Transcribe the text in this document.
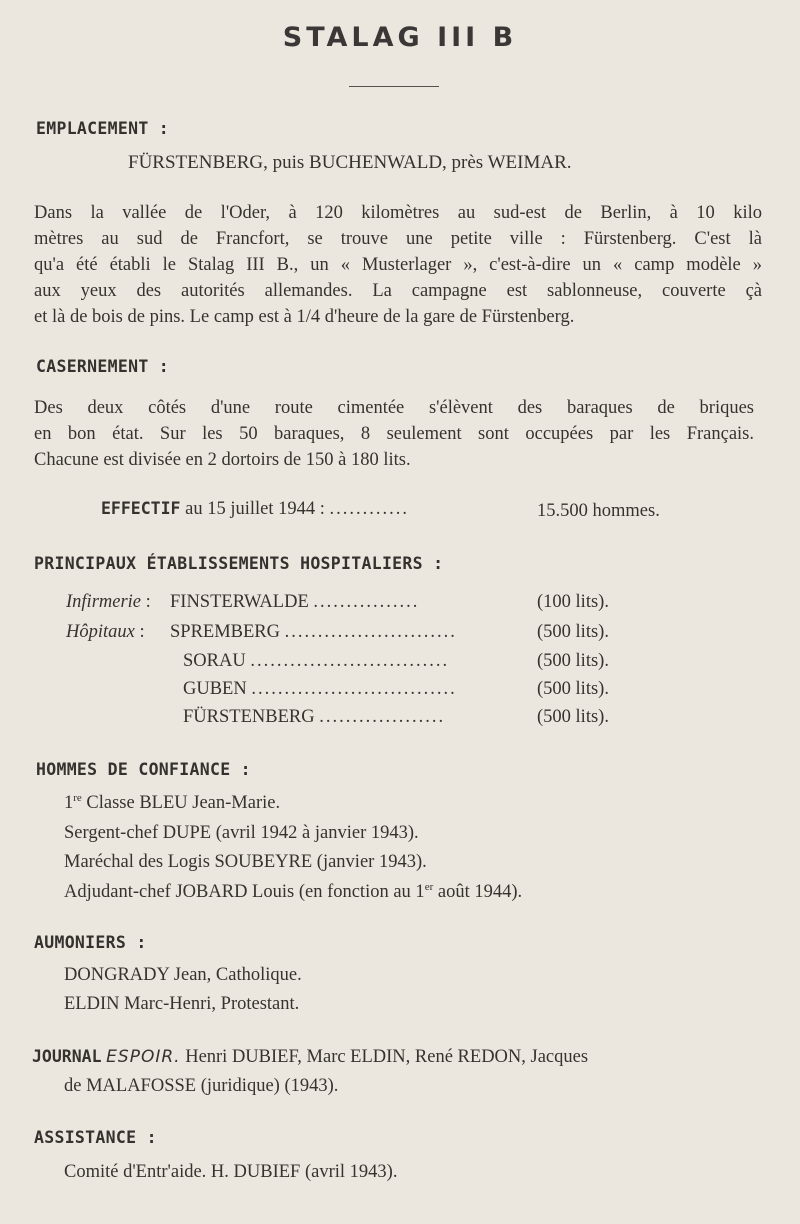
STALAG III B
EMPLACEMENT :
FÜRSTENBERG, puis BUCHENWALD, près WEIMAR.
Dans la vallée de l'Oder, à 120 kilomètres au sud-est de Berlin, à 10 kilo
mètres au sud de Francfort, se trouve une petite ville : Fürstenberg. C'est là
qu'a été établi le Stalag III B., un « Musterlager », c'est-à-dire un « camp modèle »
aux yeux des autorités allemandes. La campagne est sablonneuse, couverte çà
et là de bois de pins. Le camp est à 1/4 d'heure de la gare de Fürstenberg.
CASERNEMENT :
Des deux côtés d'une route cimentée s'élèvent des baraques de briques
en bon état. Sur les 50 baraques, 8 seulement sont occupées par les Français.
Chacune est divisée en 2 dortoirs de 150 à 180 lits.
EFFECTIF au 15 juillet 1944 : ............	15.500 hommes.
PRINCIPAUX ÉTABLISSEMENTS HOSPITALIERS :
Infirmerie : FINSTERWALDE ................	(100 lits).
Hôpitaux : SPREMBERG ..........................	(500 lits).
SORAU ..............................	(500 lits).
GUBEN ...............................	(500 lits).
FÜRSTENBERG ...................	(500 lits).
HOMMES DE CONFIANCE :
1re Classe BLEU Jean-Marie.
Sergent-chef DUPE (avril 1942 à janvier 1943).
Maréchal des Logis SOUBEYRE (janvier 1943).
Adjudant-chef JOBARD Louis (en fonction au 1er août 1944).
AUMONIERS :
DONGRADY Jean, Catholique.
ELDIN Marc-Henri, Protestant.
JOURNAL ESPOIR. Henri DUBIEF, Marc ELDIN, René REDON, Jacques
de MALAFOSSE (juridique) (1943).
ASSISTANCE :
Comité d'Entr'aide. H. DUBIEF (avril 1943).
